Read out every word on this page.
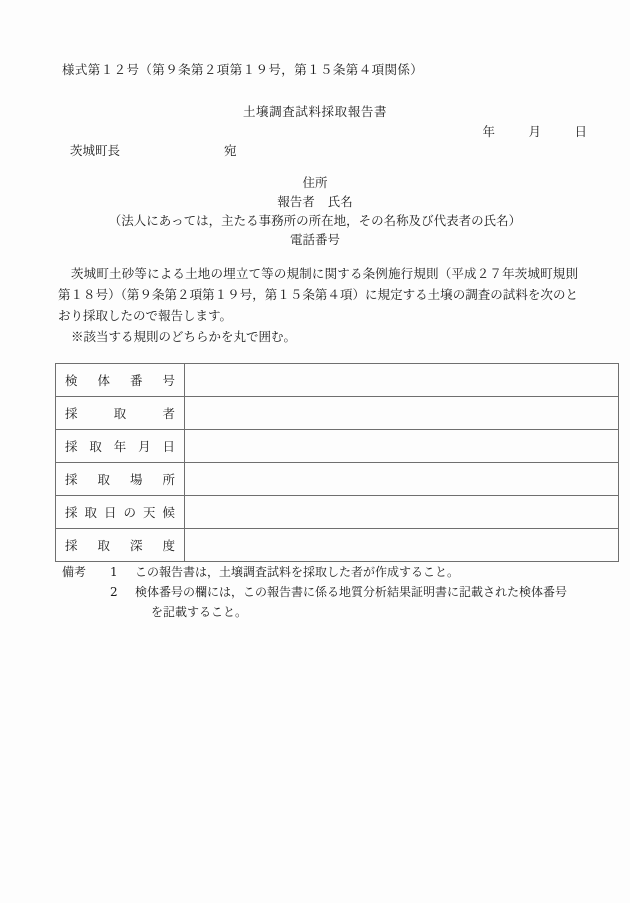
様式第１２号（第９条第２項第１９号，第１５条第４項関係）
土壌調査試料採取報告書
年	月	日
茨城町長	宛
住所
報告者 氏名
（法人にあっては，主たる事務所の所在地，その名称及び代表者の氏名）
電話番号
茨城町土砂等による土地の埋立て等の規制に関する条例施行規則（平成２７年茨城町規則第１８号）（第９条第２項第１９号，第１５条第４項）に規定する土壌の調査の試料を次のとおり採取したので報告します。
※該当する規則のどちらかを丸で囲む。
検体番号	

採取者	

採取年月日	

採取場所	

採取日の天候	

採取深度	

備考	1	この報告書は，土壌調査試料を採取した者が作成すること。
2	検体番号の欄には，この報告書に係る地質分析結果証明書に記載された検体番号
を記載すること。
